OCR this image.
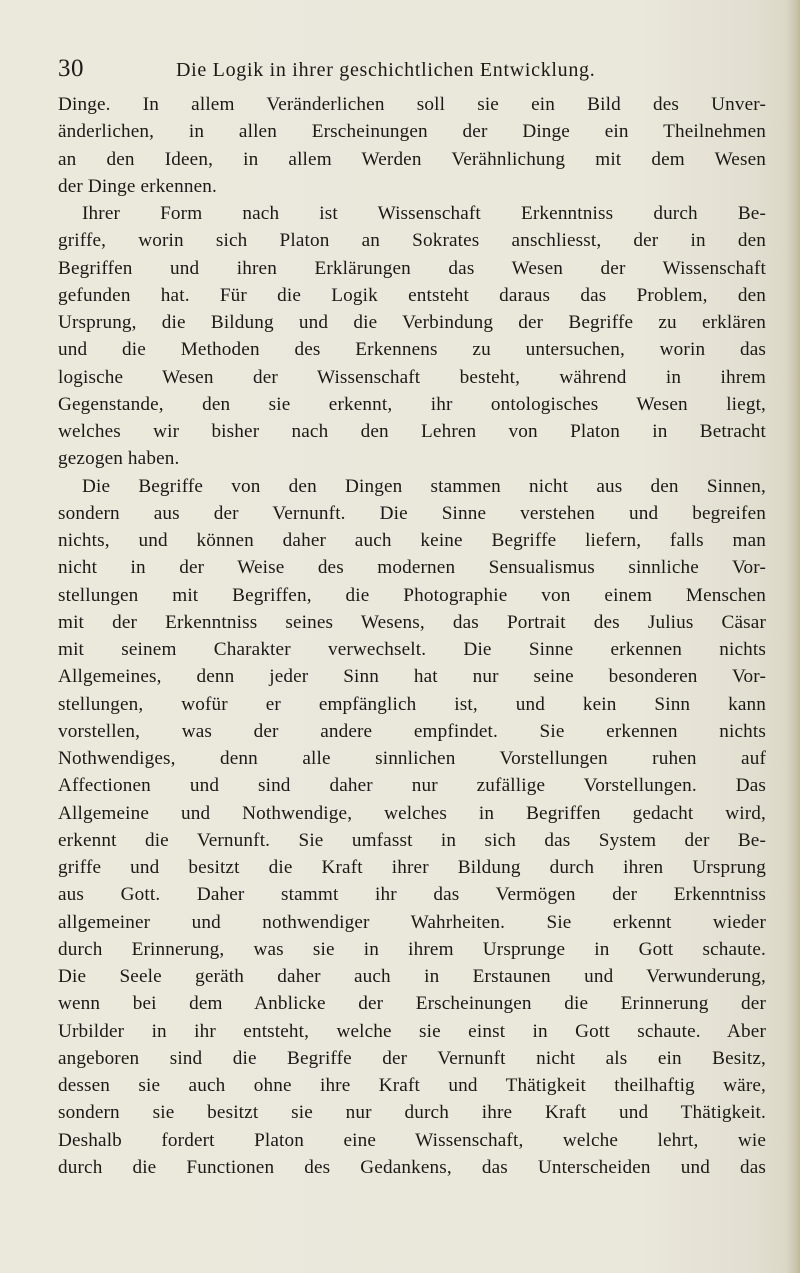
30	Die Logik in ihrer geschichtlichen Entwicklung.
Dinge. In allem Veränderlichen soll sie ein Bild des Unver-
änderlichen, in allen Erscheinungen der Dinge ein Theilnehmen
an den Ideen, in allem Werden Verähnlichung mit dem Wesen
der Dinge erkennen.
Ihrer Form nach ist Wissenschaft Erkenntniss durch Be-
griffe, worin sich Platon an Sokrates anschliesst, der in den
Begriffen und ihren Erklärungen das Wesen der Wissenschaft
gefunden hat. Für die Logik entsteht daraus das Problem, den
Ursprung, die Bildung und die Verbindung der Begriffe zu erklären
und die Methoden des Erkennens zu untersuchen, worin das
logische Wesen der Wissenschaft besteht, während in ihrem
Gegenstande, den sie erkennt, ihr ontologisches Wesen liegt,
welches wir bisher nach den Lehren von Platon in Betracht
gezogen haben.
Die Begriffe von den Dingen stammen nicht aus den Sinnen,
sondern aus der Vernunft. Die Sinne verstehen und begreifen
nichts, und können daher auch keine Begriffe liefern, falls man
nicht in der Weise des modernen Sensualismus sinnliche Vor-
stellungen mit Begriffen, die Photographie von einem Menschen
mit der Erkenntniss seines Wesens, das Portrait des Julius Cäsar
mit seinem Charakter verwechselt. Die Sinne erkennen nichts
Allgemeines, denn jeder Sinn hat nur seine besonderen Vor-
stellungen, wofür er empfänglich ist, und kein Sinn kann
vorstellen, was der andere empfindet. Sie erkennen nichts
Nothwendiges, denn alle sinnlichen Vorstellungen ruhen auf
Affectionen und sind daher nur zufällige Vorstellungen. Das
Allgemeine und Nothwendige, welches in Begriffen gedacht wird,
erkennt die Vernunft. Sie umfasst in sich das System der Be-
griffe und besitzt die Kraft ihrer Bildung durch ihren Ursprung
aus Gott. Daher stammt ihr das Vermögen der Erkenntniss
allgemeiner und nothwendiger Wahrheiten. Sie erkennt wieder
durch Erinnerung, was sie in ihrem Ursprunge in Gott schaute.
Die Seele geräth daher auch in Erstaunen und Verwunderung,
wenn bei dem Anblicke der Erscheinungen die Erinnerung der
Urbilder in ihr entsteht, welche sie einst in Gott schaute. Aber
angeboren sind die Begriffe der Vernunft nicht als ein Besitz,
dessen sie auch ohne ihre Kraft und Thätigkeit theilhaftig wäre,
sondern sie besitzt sie nur durch ihre Kraft und Thätigkeit.
Deshalb fordert Platon eine Wissenschaft, welche lehrt, wie
durch die Functionen des Gedankens, das Unterscheiden und das
